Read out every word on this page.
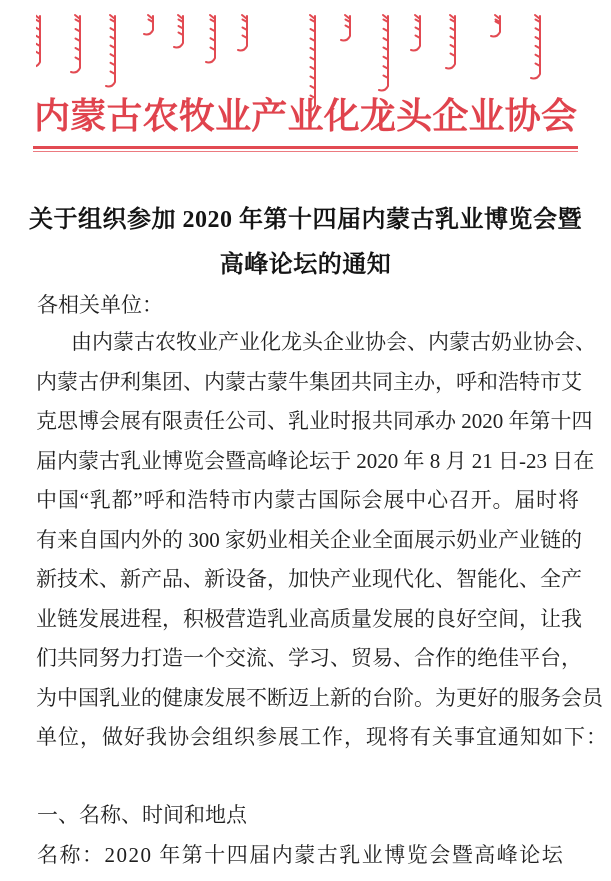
内蒙古农牧业产业化龙头企业协会
关于组织参加 2020 年第十四届内蒙古乳业博览会暨
高峰论坛的通知
各相关单位：
由内蒙古农牧业产业化龙头企业协会、内蒙古奶业协会、
内蒙古伊利集团、内蒙古蒙牛集团共同主办，呼和浩特市艾
克思博会展有限责任公司、乳业时报共同承办 2020 年第十四
届内蒙古乳业博览会暨高峰论坛于 2020 年 8 月 21 日-23 日在
中国“乳都”呼和浩特市内蒙古国际会展中心召开。届时将
有来自国内外的 300 家奶业相关企业全面展示奶业产业链的
新技术、新产品、新设备，加快产业现代化、智能化、全产
业链发展进程，积极营造乳业高质量发展的良好空间，让我
们共同努力打造一个交流、学习、贸易、合作的绝佳平台，
为中国乳业的健康发展不断迈上新的台阶。为更好的服务会员
单位，做好我协会组织参展工作，现将有关事宜通知如下：
一、名称、时间和地点
名称：2020 年第十四届内蒙古乳业博览会暨高峰论坛
